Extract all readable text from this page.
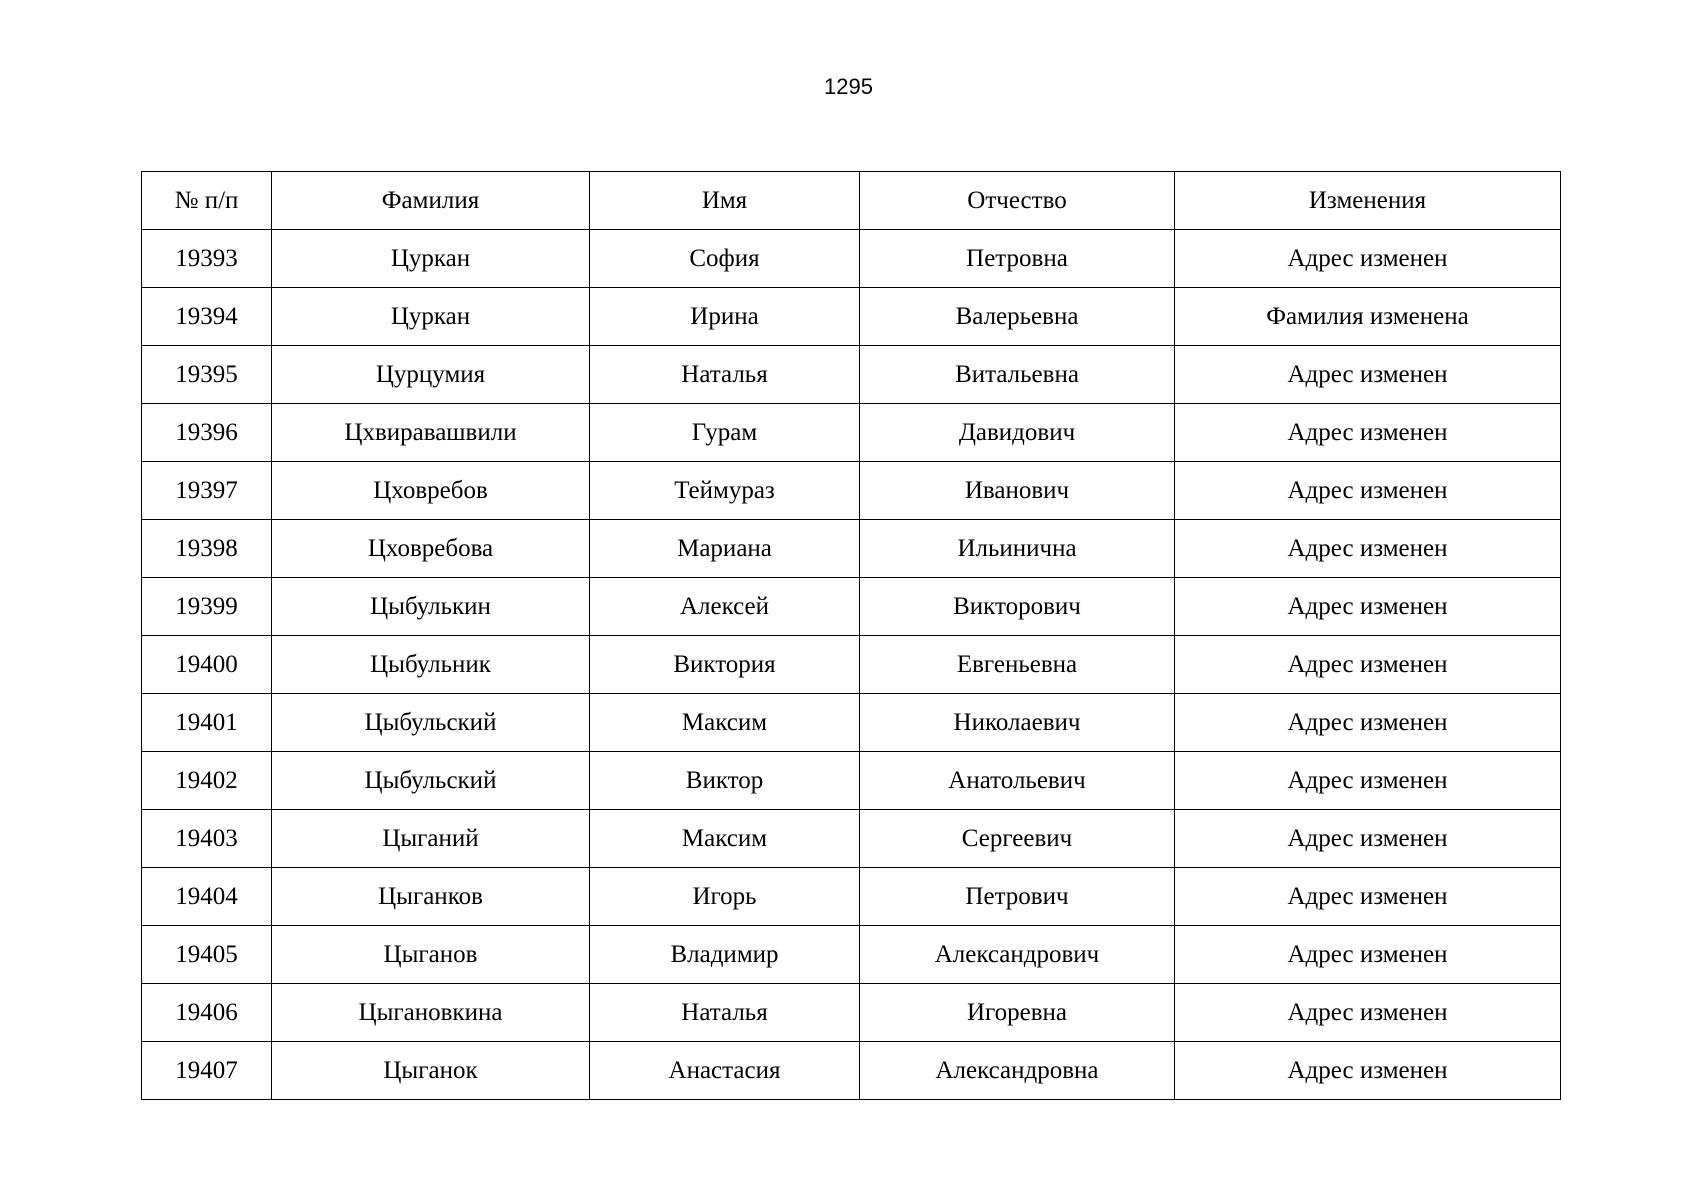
1295
№ п/п	Фамилия	Имя	Отчество	Изменения
19393	Цуркан	София	Петровна	Адрес изменен
19394	Цуркан	Ирина	Валерьевна	Фамилия изменена
19395	Цурцумия	Наталья	Витальевна	Адрес изменен
19396	Цхвиравашвили	Гурам	Давидович	Адрес изменен
19397	Цховребов	Теймураз	Иванович	Адрес изменен
19398	Цховребова	Мариана	Ильинична	Адрес изменен
19399	Цыбулькин	Алексей	Викторович	Адрес изменен
19400	Цыбульник	Виктория	Евгеньевна	Адрес изменен
19401	Цыбульский	Максим	Николаевич	Адрес изменен
19402	Цыбульский	Виктор	Анатольевич	Адрес изменен
19403	Цыганий	Максим	Сергеевич	Адрес изменен
19404	Цыганков	Игорь	Петрович	Адрес изменен
19405	Цыганов	Владимир	Александрович	Адрес изменен
19406	Цыгановкина	Наталья	Игоревна	Адрес изменен
19407	Цыганок	Анастасия	Александровна	Адрес изменен
